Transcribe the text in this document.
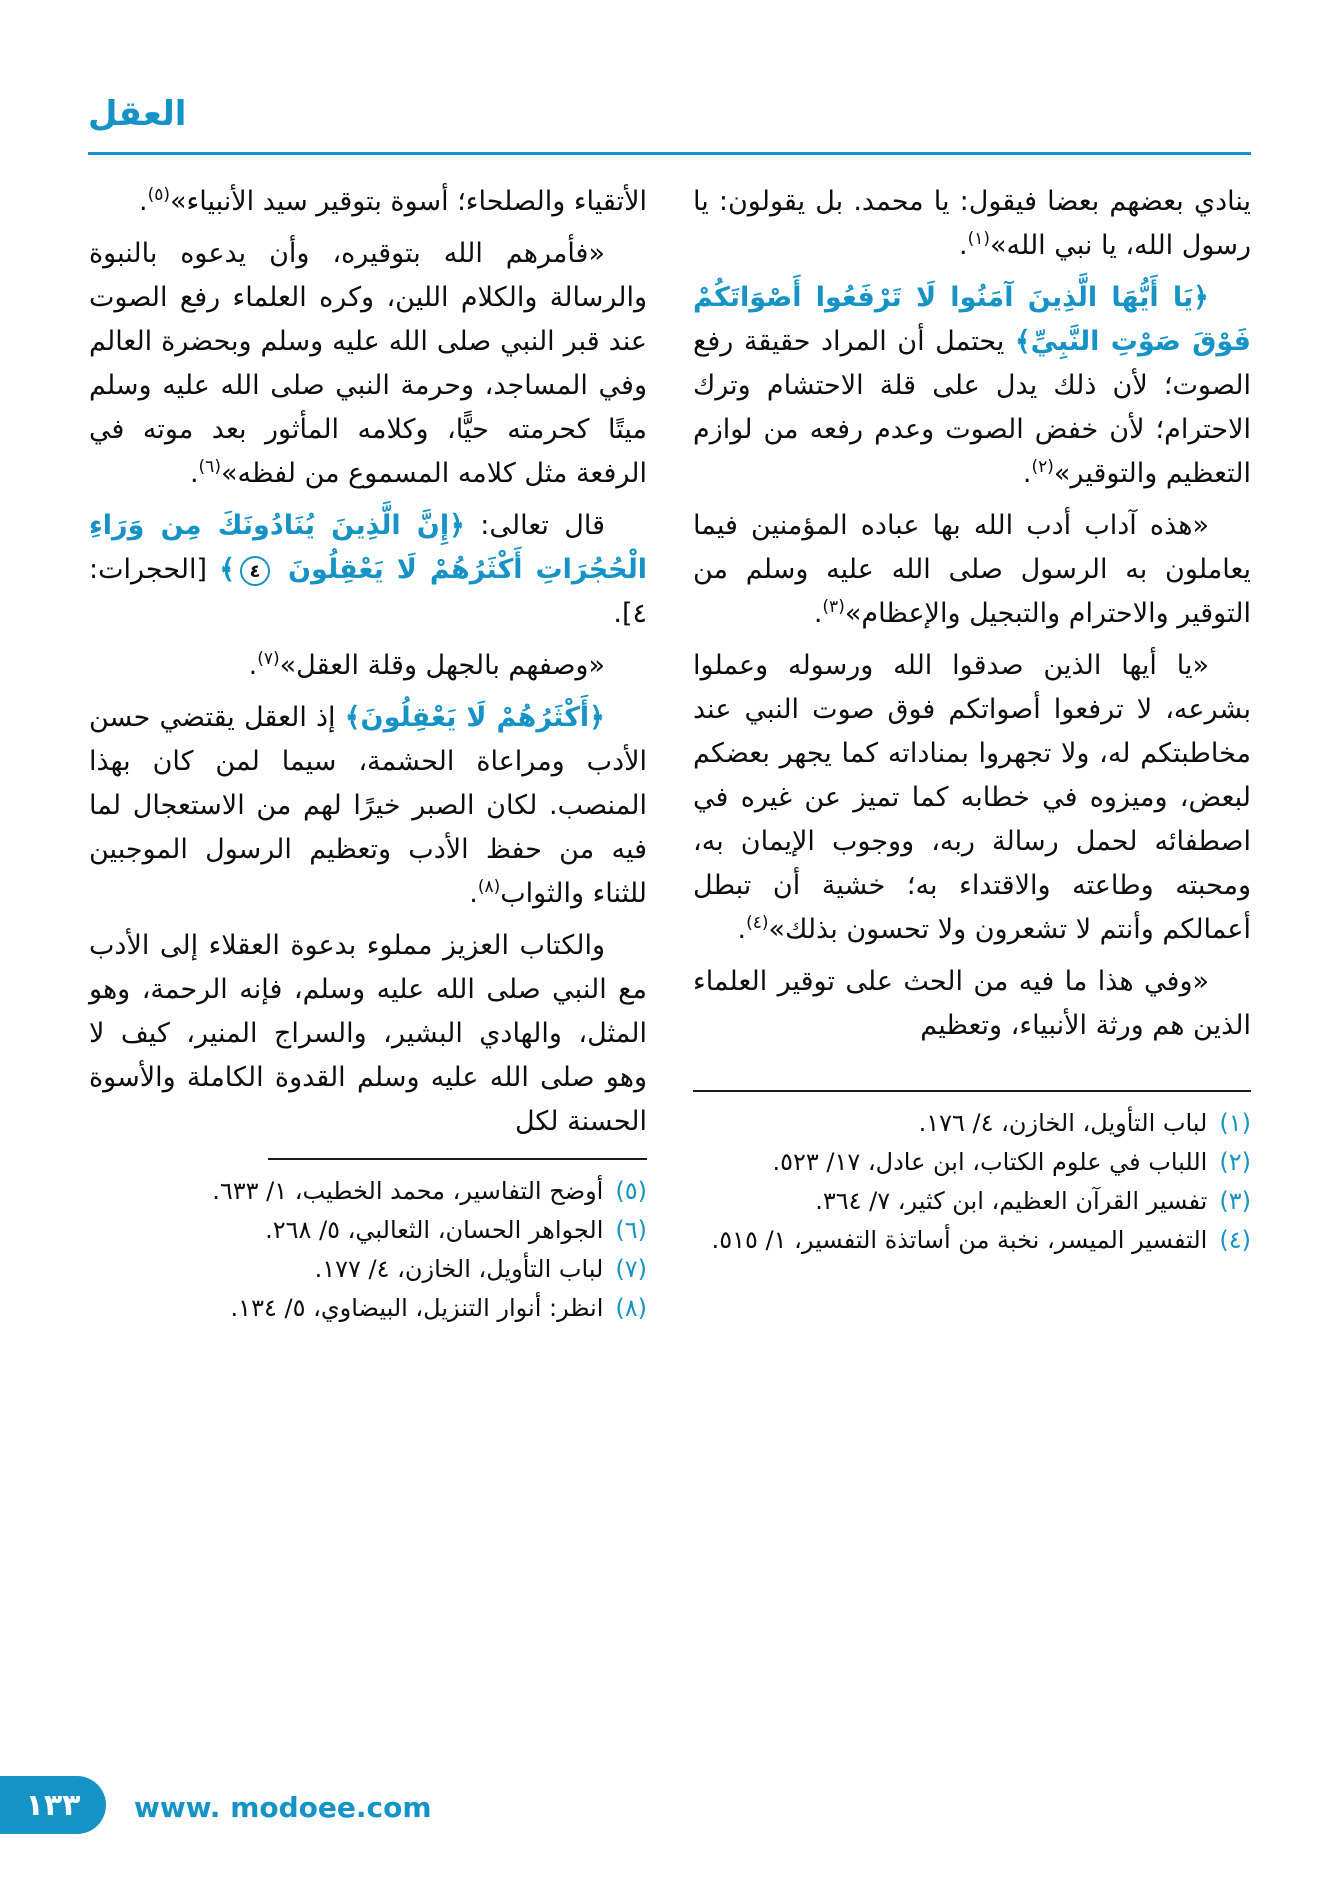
العقل

ينادي بعضهم بعضا فيقول: يا محمد. بل يقولون: يا رسول الله، يا نبي الله»$^{(١)}$.

﴿يَا أَيُّهَا الَّذِينَ آمَنُوا لَا تَرْفَعُوا أَصْوَاتَكُمْ فَوْقَ صَوْتِ النَّبِيِّ﴾ يحتمل أن المراد حقيقة رفع الصوت؛ لأن ذلك يدل على قلة الاحتشام وترك الاحترام؛ لأن خفض الصوت وعدم رفعه من لوازم التعظيم والتوقير»$^{(٢)}$.

«هذه آداب أدب الله بها عباده المؤمنين فيما يعاملون به الرسول صلى الله عليه وسلم من التوقير والاحترام والتبجيل والإعظام»$^{(٣)}$.

«يا أيها الذين صدقوا الله ورسوله وعملوا بشرعه، لا ترفعوا أصواتكم فوق صوت النبي عند مخاطبتكم له، ولا تجهروا بمناداته كما يجهر بعضكم لبعض، وميزوه في خطابه كما تميز عن غيره في اصطفائه لحمل رسالة ربه، ووجوب الإيمان به، ومحبته وطاعته والاقتداء به؛ خشية أن تبطل أعمالكم وأنتم لا تشعرون ولا تحسون بذلك»$^{(٤)}$.

«وفي هذا ما فيه من الحث على توقير العلماء الذين هم ورثة الأنبياء، وتعظيم

(١)
لباب التأويل، الخازن، ٤/ ١٧٦.
(٢)
اللباب في علوم الكتاب، ابن عادل، ١٧/ ٥٢٣.
(٣)
تفسير القرآن العظيم، ابن كثير، ٧/ ٣٦٤.
(٤)
التفسير الميسر، نخبة من أساتذة التفسير، ١/ ٥١٥.

الأتقياء والصلحاء؛ أسوة بتوقير سيد الأنبياء»$^{(٥)}$.

«فأمرهم الله بتوقيره، وأن يدعوه بالنبوة والرسالة والكلام اللين، وكره العلماء رفع الصوت عند قبر النبي صلى الله عليه وسلم وبحضرة العالم وفي المساجد، وحرمة النبي صلى الله عليه وسلم ميتًا كحرمته حيًّا، وكلامه المأثور بعد موته في الرفعة مثل كلامه المسموع من لفظه»$^{(٦)}$.

قال تعالى: ﴿إِنَّ الَّذِينَ يُنَادُونَكَ مِن وَرَاءِ الْحُجُرَاتِ أَكْثَرُهُمْ لَا يَعْقِلُونَ ٤﴾ [الحجرات: ٤].

«وصفهم بالجهل وقلة العقل»$^{(٧)}$.

﴿أَكْثَرُهُمْ لَا يَعْقِلُونَ﴾ إذ العقل يقتضي حسن الأدب ومراعاة الحشمة، سيما لمن كان بهذا المنصب. لكان الصبر خيرًا لهم من الاستعجال لما فيه من حفظ الأدب وتعظيم الرسول الموجبين للثناء والثواب$^{(٨)}$.

والكتاب العزيز مملوء بدعوة العقلاء إلى الأدب مع النبي صلى الله عليه وسلم، فإنه الرحمة، وهو المثل، والهادي البشير، والسراج المنير، كيف لا وهو صلى الله عليه وسلم القدوة الكاملة والأسوة الحسنة لكل

(٥)
أوضح التفاسير، محمد الخطيب، ١/ ٦٣٣.
(٦)
الجواهر الحسان، الثعالبي، ٥/ ٢٦٨.
(٧)
لباب التأويل، الخازن، ٤/ ١٧٧.
(٨)
انظر: أنوار التنزيل، البيضاوي، ٥/ ١٣٤.
١٣٣ www. modoee.com
